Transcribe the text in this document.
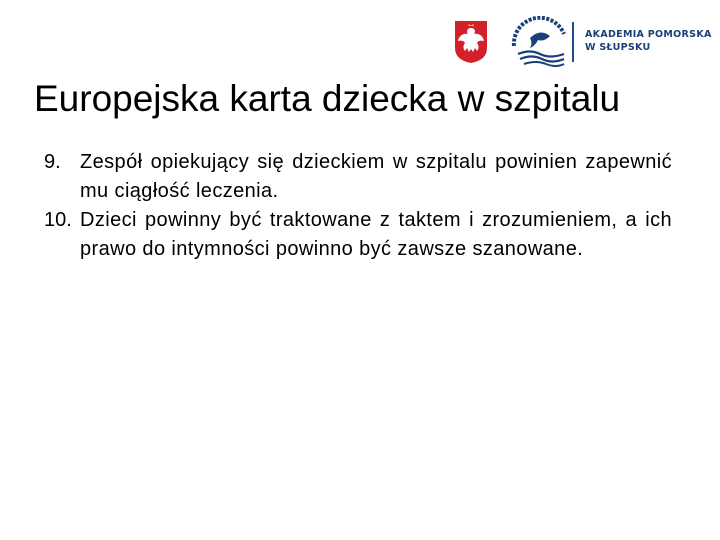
AKADEMIA POMORSKA
W SŁUPSKU
Europejska karta dziecka w szpitalu
9. Zespół opiekujący się dzieckiem w szpitalu powinien zapewnić mu ciągłość leczenia.
10. Dzieci powinny być traktowane z taktem i zrozumieniem, a ich prawo do intymności powinno być zawsze szanowane.
